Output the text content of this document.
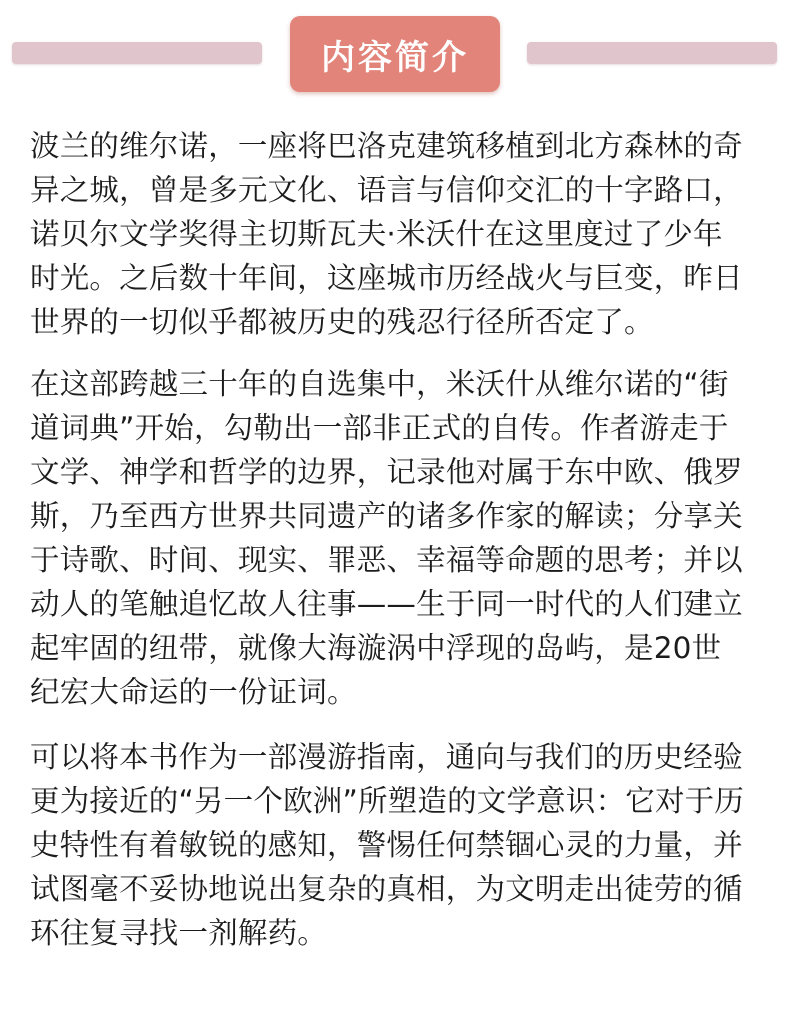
内容简介

波兰的维尔诺，一座将巴洛克建筑移植到北方森林的奇异之城，曾是多元文化、语言与信仰交汇的十字路口，诺贝尔文学奖得主切斯瓦夫·米沃什在这里度过了少年时光。之后数十年间，这座城市历经战火与巨变，昨日世界的一切似乎都被历史的残忍行径所否定了。

在这部跨越三十年的自选集中，米沃什从维尔诺的“街道词典”开始，勾勒出一部非正式的自传。作者游走于文学、神学和哲学的边界，记录他对属于东中欧、俄罗斯，乃至西方世界共同遗产的诸多作家的解读；分享关于诗歌、时间、现实、罪恶、幸福等命题的思考；并以动人的笔触追忆故人往事——生于同一时代的人们建立起牢固的纽带，就像大海漩涡中浮现的岛屿，是20世纪宏大命运的一份证词。

可以将本书作为一部漫游指南，通向与我们的历史经验更为接近的“另一个欧洲”所塑造的文学意识：它对于历史特性有着敏锐的感知，警惕任何禁锢心灵的力量，并试图毫不妥协地说出复杂的真相，为文明走出徒劳的循环往复寻找一剂解药。
